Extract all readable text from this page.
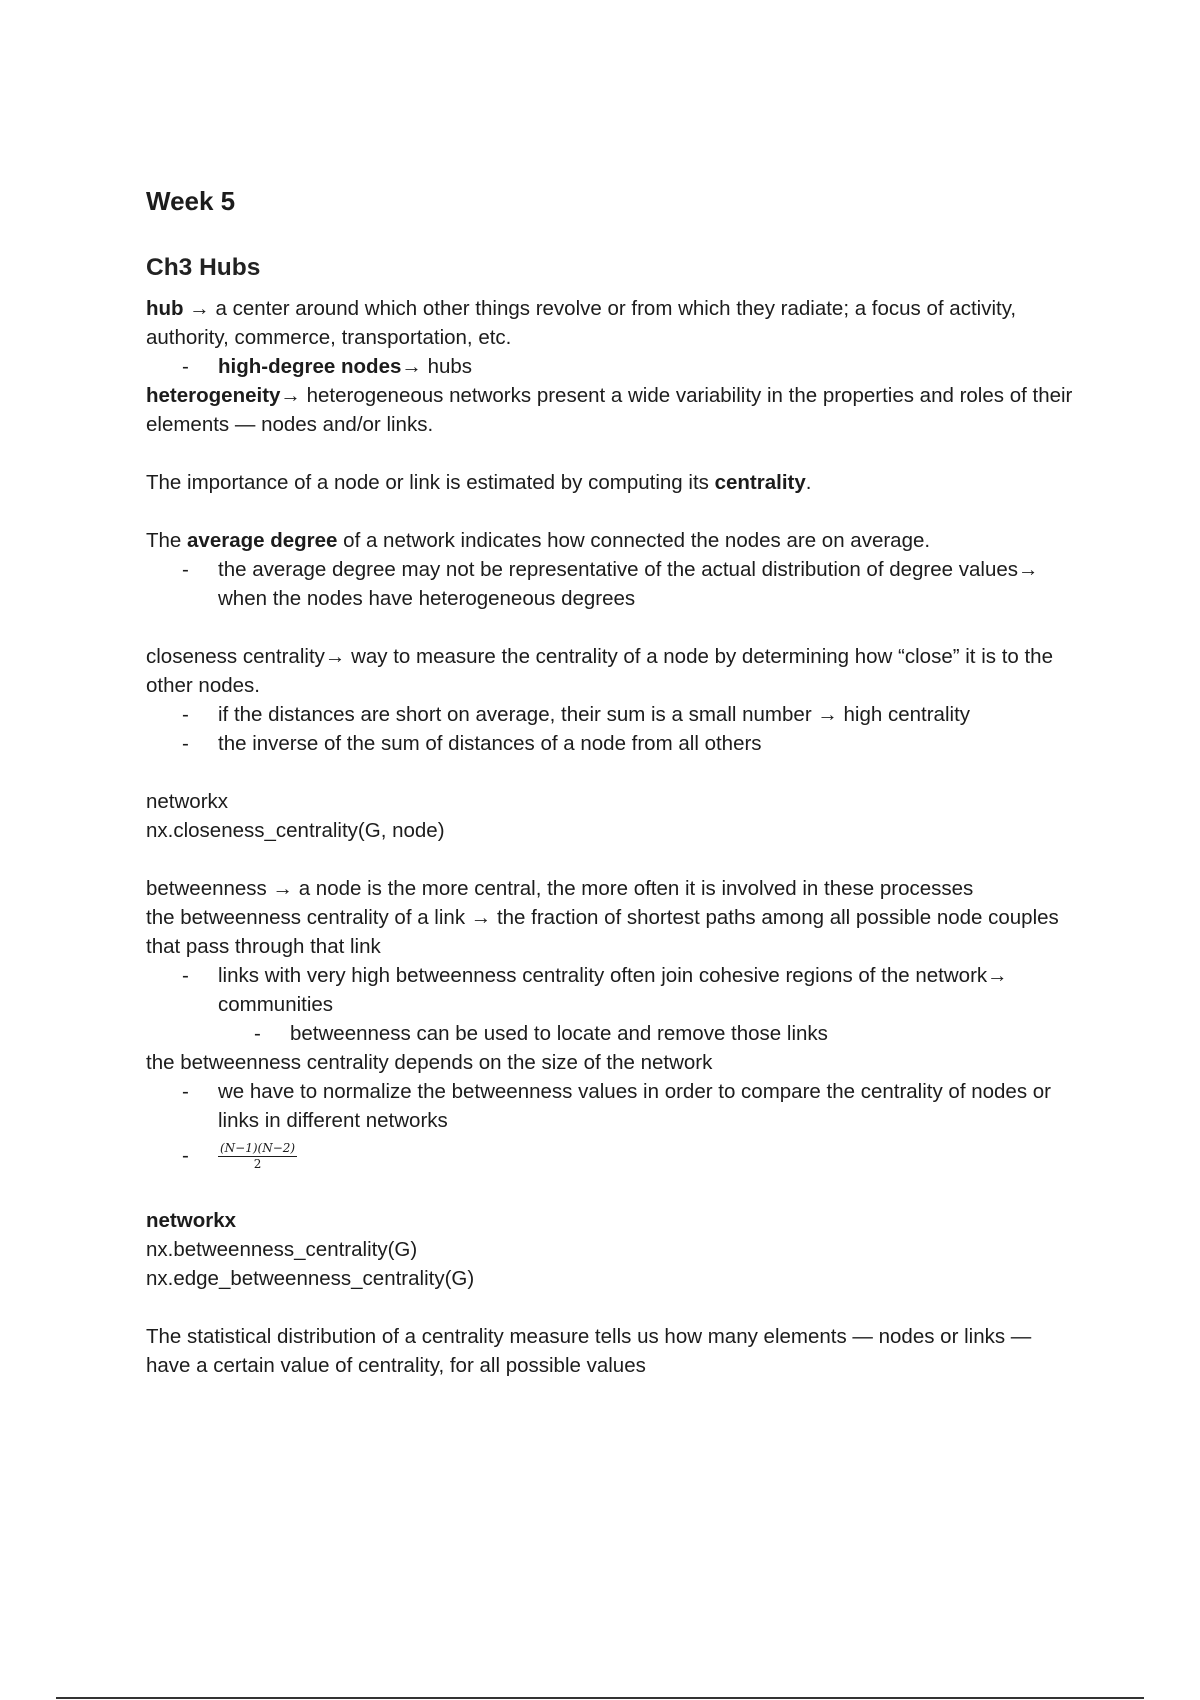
Week 5
Ch3 Hubs

hub → a center around which other things revolve or from which they radiate; a focus of activity, authority, commerce, transportation, etc.

- high-degree nodes→ hubs

heterogeneity→ heterogeneous networks present a wide variability in the properties and roles of their elements — nodes and/or links.

The importance of a node or link is estimated by computing its centrality.

The average degree of a network indicates how connected the nodes are on average.

- the average degree may not be representative of the actual distribution of degree values→ when the nodes have heterogeneous degrees

closeness centrality→ way to measure the centrality of a node by determining how “close” it is to the other nodes.

- if the distances are short on average, their sum is a small number → high centrality
- the inverse of the sum of distances of a node from all others

networkx

nx.closeness_centrality(G, node)

betweenness → a node is the more central, the more often it is involved in these processes

the betweenness centrality of a link → the fraction of shortest paths among all possible node couples that pass through that link

- links with very high betweenness centrality often join cohesive regions of the network→ communities
- betweenness can be used to locate and remove those links

the betweenness centrality depends on the size of the network

- we have to normalize the betweenness values in order to compare the centrality of nodes or links in different networks
- $\frac{(N-1)(N-2)}{2}$

networkx

nx.betweenness_centrality(G)

nx.edge_betweenness_centrality(G)

The statistical distribution of a centrality measure tells us how many elements — nodes or links — have a certain value of centrality, for all possible values
